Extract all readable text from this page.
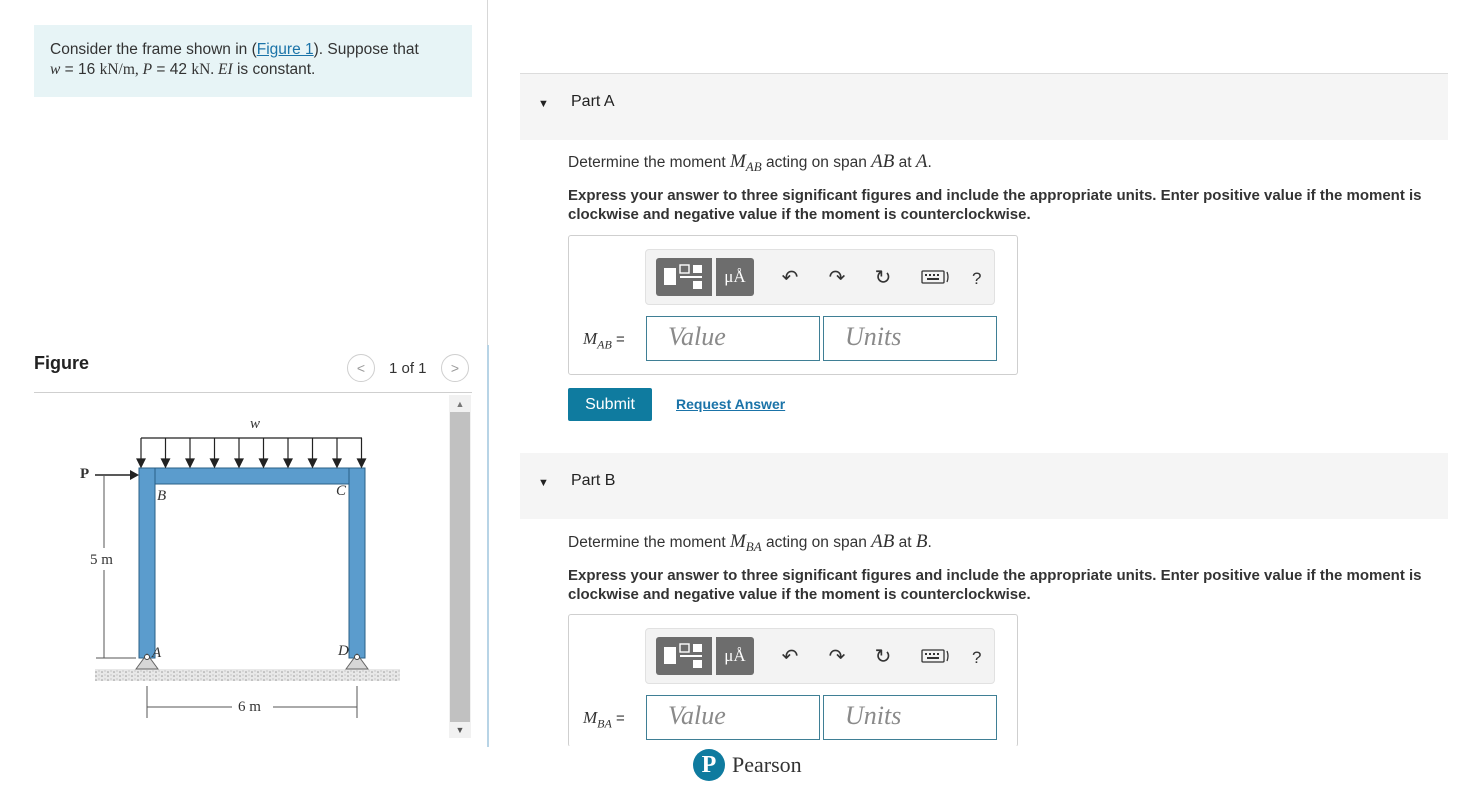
Consider the frame shown in (Figure 1). Suppose that
w = 16 kN/m, P = 42 kN. EI is constant.
Figure	< 1 of 1 >
w
P
B	C
A	D
5 m
6 m
▲
▼
▼ Part A
Determine the moment $M_{AB}$ acting on span AB at A.
Express your answer to three significant figures and include the appropriate units. Enter positive value if the moment is clockwise and negative value if the moment is counterclockwise.
μÅ	↶ ↷ ↻	?
$M_{AB}$ =	Value	Units
Submit	Request Answer
▼ Part B
Determine the moment $M_{BA}$ acting on span AB at B.
Express your answer to three significant figures and include the appropriate units. Enter positive value if the moment is clockwise and negative value if the moment is counterclockwise.
μÅ	↶ ↷ ↻	?
$M_{BA}$ =	Value	Units
P Pearson
